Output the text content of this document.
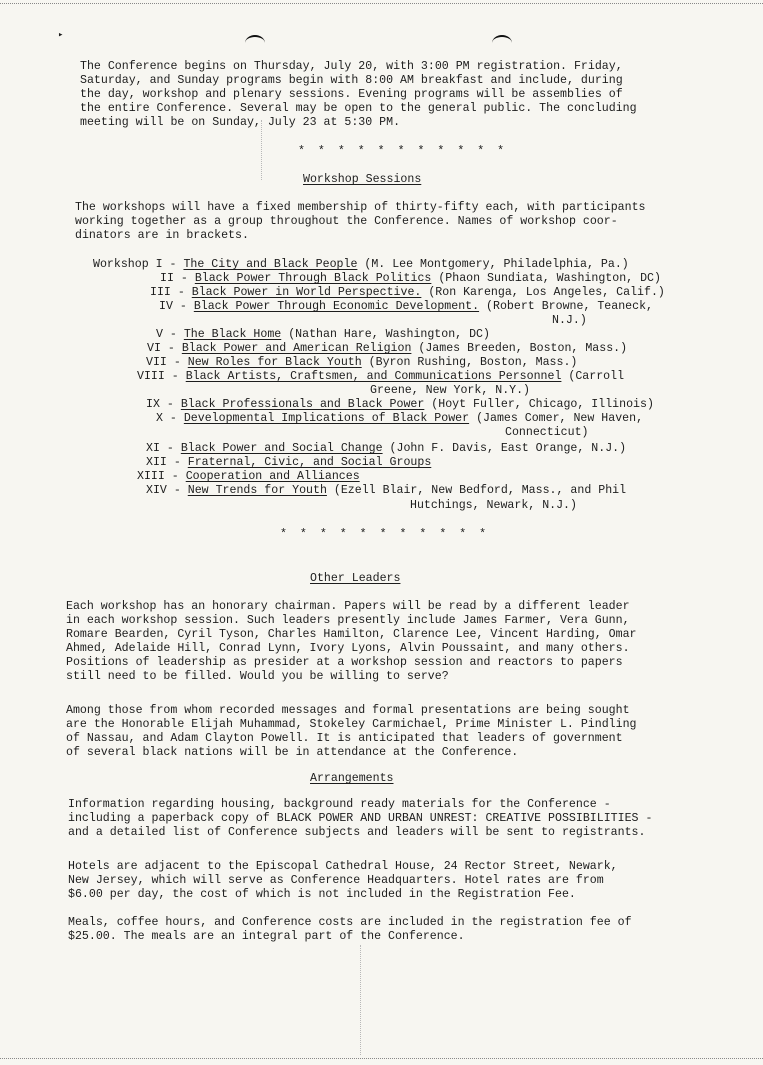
▸
The Conference begins on Thursday, July 20, with 3:00 PM registration. Friday,
Saturday, and Sunday programs begin with 8:00 AM breakfast and include, during
the day, workshop and plenary sessions. Evening programs will be assemblies of
the entire Conference. Several may be open to the general public. The concluding
meeting will be on Sunday, July 23 at 5:30 PM.
* * * * * * * * * * *
Workshop Sessions
The workshops will have a fixed membership of thirty-fifty each, with participants
working together as a group throughout the Conference. Names of workshop coor-
dinators are in brackets.
Workshop I - The City and Black People (M. Lee Montgomery, Philadelphia, Pa.)
II - Black Power Through Black Politics (Phaon Sundiata, Washington, DC)
III - Black Power in World Perspective. (Ron Karenga, Los Angeles, Calif.)
IV - Black Power Through Economic Development. (Robert Browne, Teaneck,
N.J.)
V - The Black Home (Nathan Hare, Washington, DC)
VI - Black Power and American Religion (James Breeden, Boston, Mass.)
VII - New Roles for Black Youth (Byron Rushing, Boston, Mass.)
VIII - Black Artists, Craftsmen, and Communications Personnel (Carroll
Greene, New York, N.Y.)
IX - Black Professionals and Black Power (Hoyt Fuller, Chicago, Illinois)
X - Developmental Implications of Black Power (James Comer, New Haven,
Connecticut)
XI - Black Power and Social Change (John F. Davis, East Orange, N.J.)
XII - Fraternal, Civic, and Social Groups
XIII - Cooperation and Alliances
XIV - New Trends for Youth (Ezell Blair, New Bedford, Mass., and Phil
Hutchings, Newark, N.J.)
* * * * * * * * * * *
Other Leaders
Each workshop has an honorary chairman. Papers will be read by a different leader
in each workshop session. Such leaders presently include James Farmer, Vera Gunn,
Romare Bearden, Cyril Tyson, Charles Hamilton, Clarence Lee, Vincent Harding, Omar
Ahmed, Adelaide Hill, Conrad Lynn, Ivory Lyons, Alvin Poussaint, and many others.
Positions of leadership as presider at a workshop session and reactors to papers
still need to be filled. Would you be willing to serve?
Among those from whom recorded messages and formal presentations are being sought
are the Honorable Elijah Muhammad, Stokeley Carmichael, Prime Minister L. Pindling
of Nassau, and Adam Clayton Powell. It is anticipated that leaders of government
of several black nations will be in attendance at the Conference.
Arrangements
Information regarding housing, background ready materials for the Conference -
including a paperback copy of BLACK POWER AND URBAN UNREST: CREATIVE POSSIBILITIES -
and a detailed list of Conference subjects and leaders will be sent to registrants.
Hotels are adjacent to the Episcopal Cathedral House, 24 Rector Street, Newark,
New Jersey, which will serve as Conference Headquarters. Hotel rates are from
$6.00 per day, the cost of which is not included in the Registration Fee.
Meals, coffee hours, and Conference costs are included in the registration fee of
$25.00. The meals are an integral part of the Conference.
